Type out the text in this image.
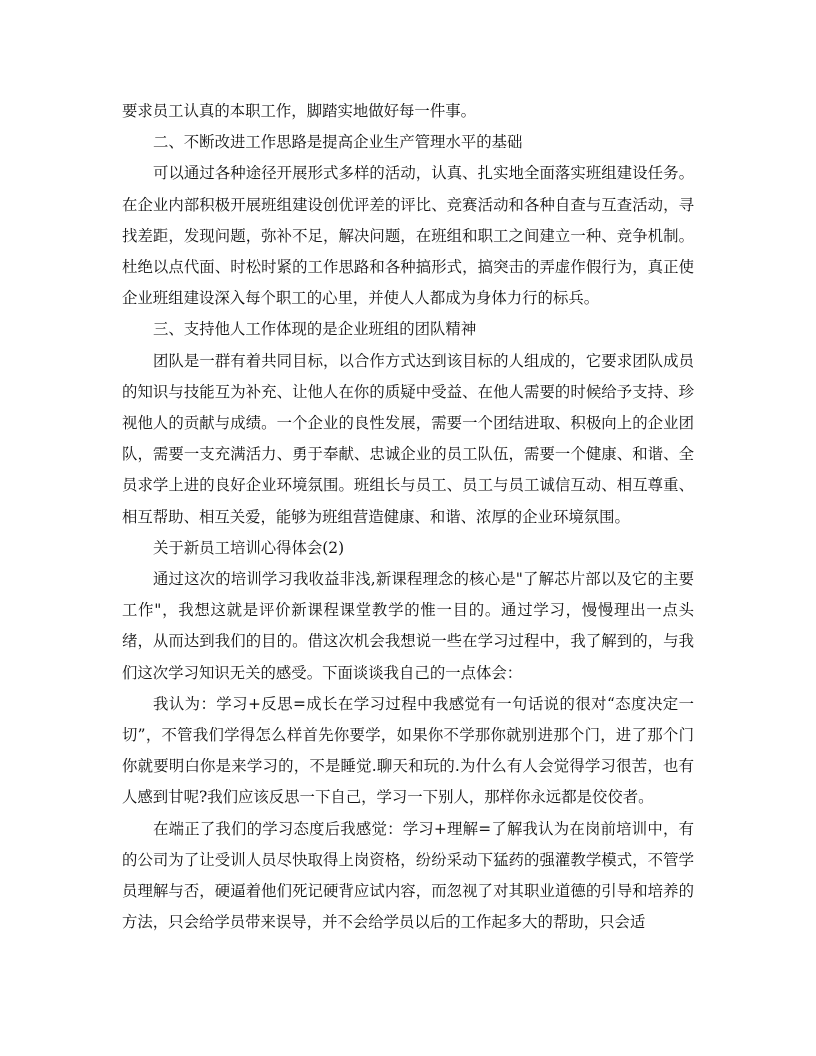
要求员工认真的本职工作，脚踏实地做好每一件事。

二、不断改进工作思路是提高企业生产管理水平的基础

可以通过各种途径开展形式多样的活动，认真、扎实地全面落实班组建设任务。在企业内部积极开展班组建设创优评差的评比、竞赛活动和各种自查与互查活动，寻找差距，发现问题，弥补不足，解决问题，在班组和职工之间建立一种、竞争机制。杜绝以点代面、时松时紧的工作思路和各种搞形式，搞突击的弄虚作假行为，真正使企业班组建设深入每个职工的心里，并使人人都成为身体力行的标兵。

三、支持他人工作体现的是企业班组的团队精神

团队是一群有着共同目标，以合作方式达到该目标的人组成的，它要求团队成员的知识与技能互为补充、让他人在你的质疑中受益、在他人需要的时候给予支持、珍视他人的贡献与成绩。一个企业的良性发展，需要一个团结进取、积极向上的企业团队，需要一支充满活力、勇于奉献、忠诚企业的员工队伍，需要一个健康、和谐、全员求学上进的良好企业环境氛围。班组长与员工、员工与员工诚信互动、相互尊重、相互帮助、相互关爱，能够为班组营造健康、和谐、浓厚的企业环境氛围。

关于新员工培训心得体会(2)

通过这次的培训学习我收益非浅,新课程理念的核心是"了解芯片部以及它的主要工作"，我想这就是评价新课程课堂教学的惟一目的。通过学习，慢慢理出一点头绪，从而达到我们的目的。借这次机会我想说一些在学习过程中，我了解到的，与我们这次学习知识无关的感受。下面谈谈我自己的一点体会：

我认为：学习+反思=成长在学习过程中我感觉有一句话说的很对“态度决定一切”，不管我们学得怎么样首先你要学，如果你不学那你就别进那个门，进了那个门你就要明白你是来学习的，不是睡觉.聊天和玩的.为什么有人会觉得学习很苦，也有人感到甘呢?我们应该反思一下自己，学习一下别人，那样你永远都是佼佼者。

在端正了我们的学习态度后我感觉：学习+理解=了解我认为在岗前培训中，有的公司为了让受训人员尽快取得上岗资格，纷纷采动下猛药的强灌教学模式，不管学员理解与否，硬逼着他们死记硬背应试内容，而忽视了对其职业道德的引导和培养的方法，只会给学员带来误导，并不会给学员以后的工作起多大的帮助，只会适
